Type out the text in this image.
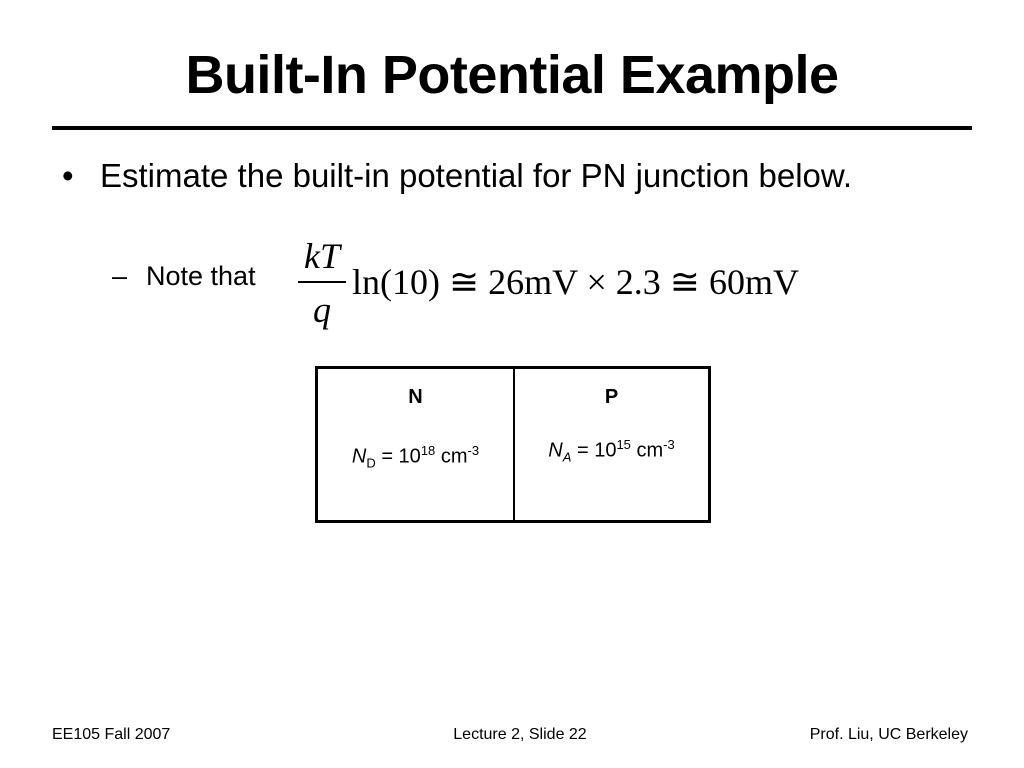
Built-In Potential Example
• Estimate the built-in potential for PN junction below.
– Note that kT
q
ln(10) ≅ 26mV × 2.3 ≅ 60mV
N
$N_D = 10^{18}$ $cm^{-3}$
P
$N_A = 10^{15}$ $cm^{-3}$
EE105 Fall 2007	Lecture 2, Slide 22	Prof. Liu, UC Berkeley
